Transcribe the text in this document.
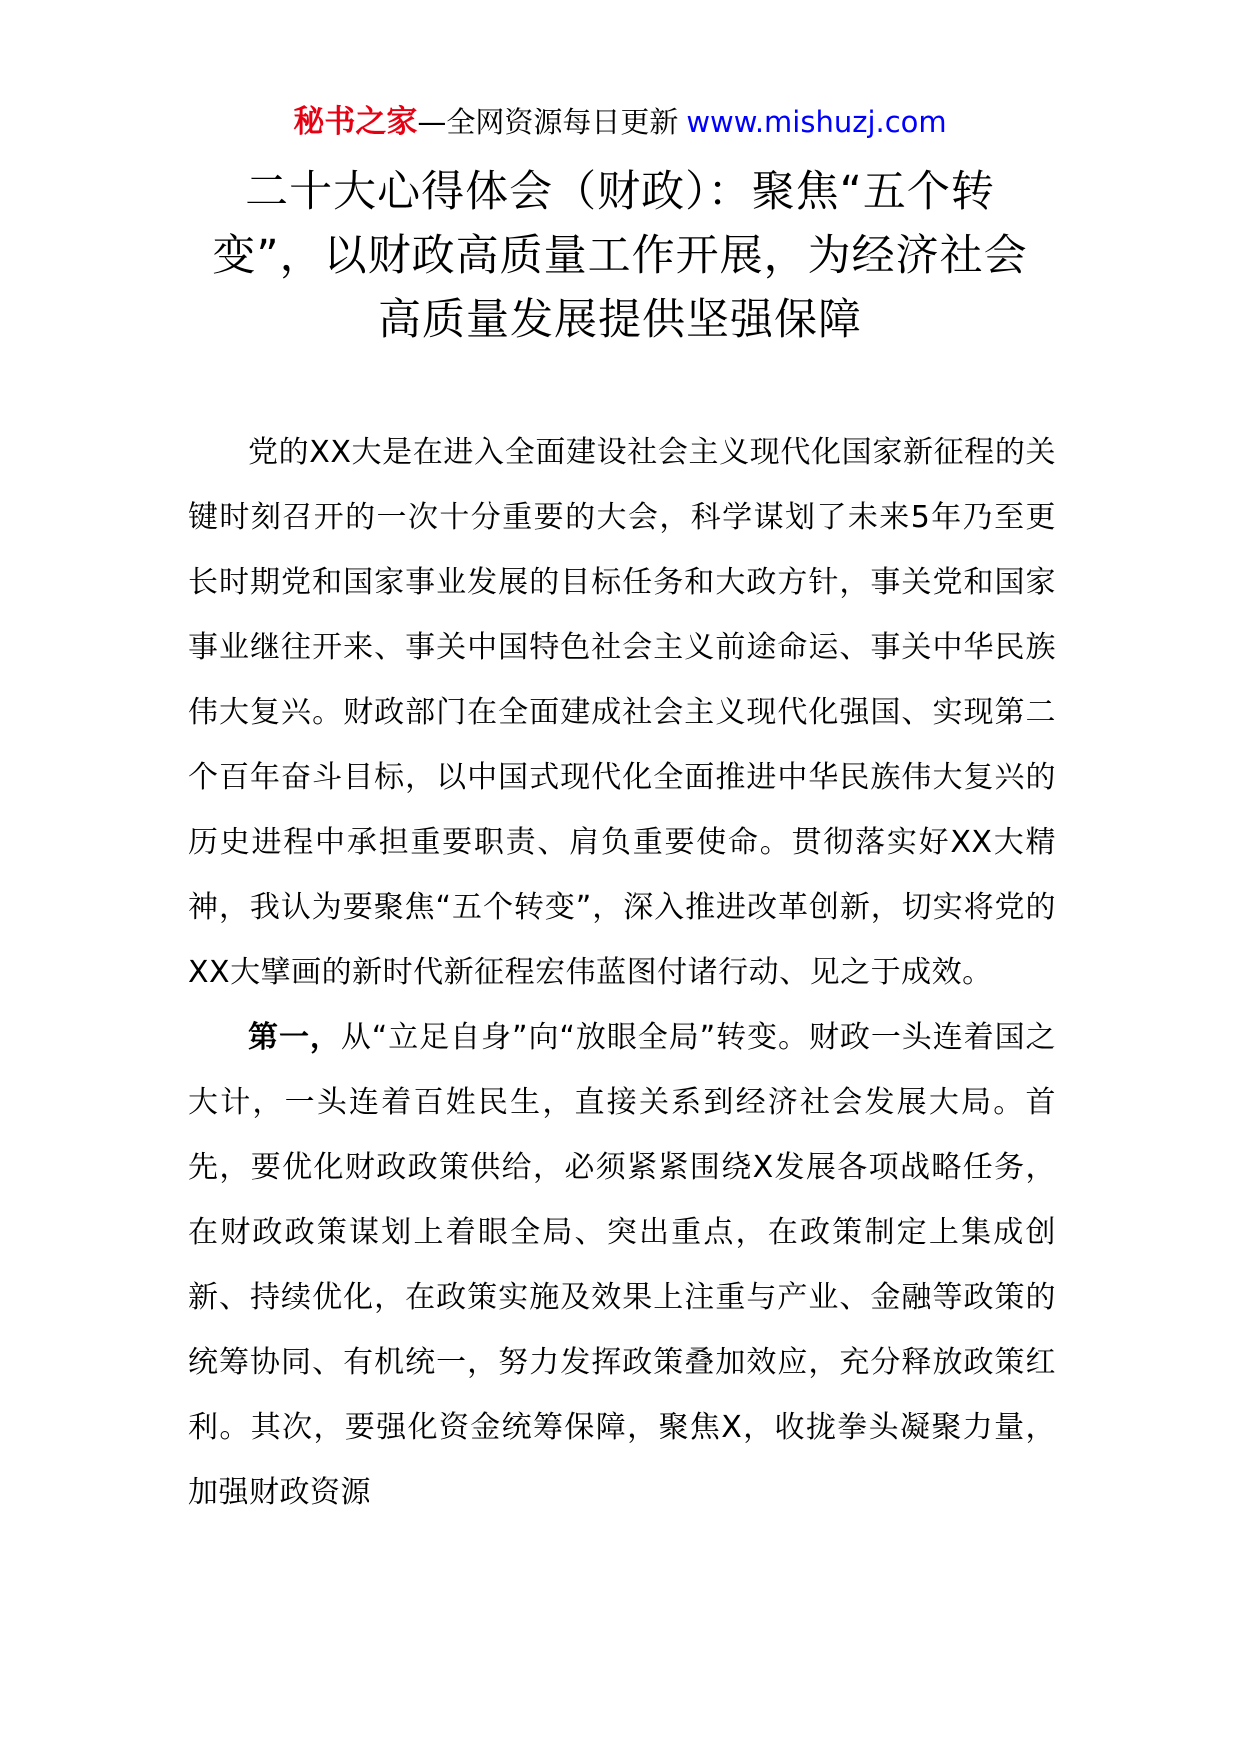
秘书之家—全网资源每日更新 www.mishuzj.com
二十大心得体会（财政）：聚焦“五个转变”，以财政高质量工作开展，为经济社会高质量发展提供坚强保障

党的XX大是在进入全面建设社会主义现代化国家新征程的关键时刻召开的一次十分重要的大会，科学谋划了未来5年乃至更长时期党和国家事业发展的目标任务和大政方针，事关党和国家事业继往开来、事关中国特色社会主义前途命运、事关中华民族伟大复兴。财政部门在全面建成社会主义现代化强国、实现第二个百年奋斗目标，以中国式现代化全面推进中华民族伟大复兴的历史进程中承担重要职责、肩负重要使命。贯彻落实好XX大精神，我认为要聚焦“五个转变”，深入推进改革创新，切实将党的XX大擘画的新时代新征程宏伟蓝图付诸行动、见之于成效。

第一，从“立足自身”向“放眼全局”转变。财政一头连着国之大计，一头连着百姓民生，直接关系到经济社会发展大局。首先，要优化财政政策供给，必须紧紧围绕X发展各项战略任务，在财政政策谋划上着眼全局、突出重点，在政策制定上集成创新、持续优化，在政策实施及效果上注重与产业、金融等政策的统筹协同、有机统一，努力发挥政策叠加效应，充分释放政策红利。其次，要强化资金统筹保障，聚焦X，收拢拳头凝聚力量，加强财政资源
